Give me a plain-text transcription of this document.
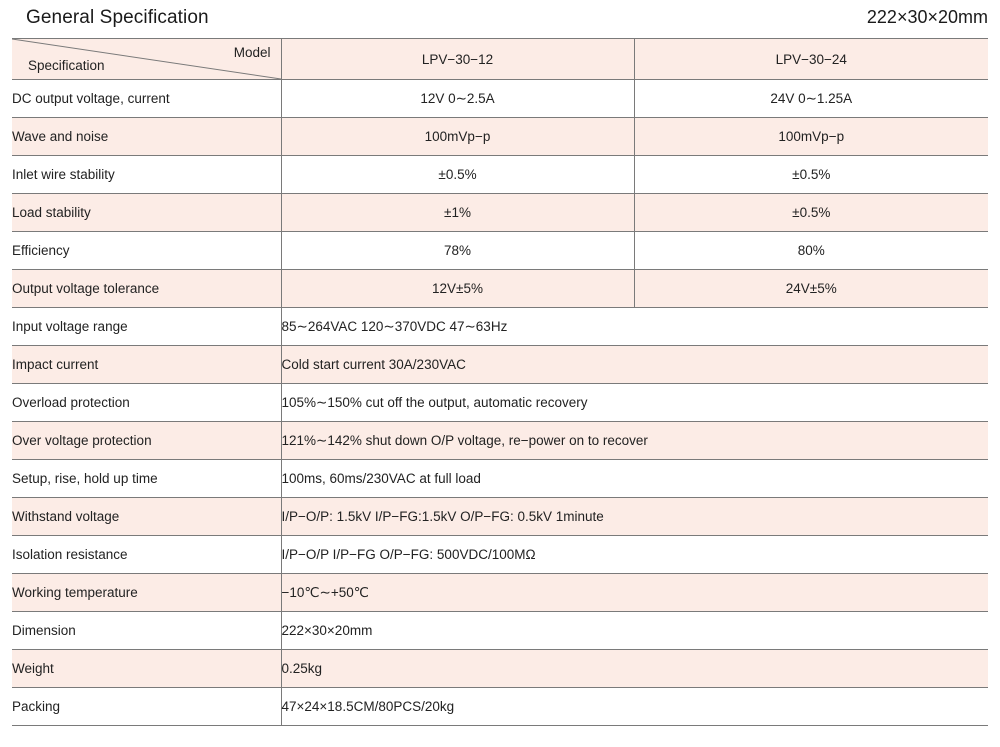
General Specification	222×30×20mm
Model
Specification	LPV−30−12	LPV−30−24
DC output voltage, current	12V 0∼2.5A	24V 0∼1.25A
Wave and noise	100mVp−p	100mVp−p
Inlet wire stability	±0.5%	±0.5%
Load stability	±1%	±0.5%
Efficiency	78%	80%
Output voltage tolerance	12V±5%	24V±5%
Input voltage range	85∼264VAC 120∼370VDC 47∼63Hz	
Impact current	Cold start current 30A/230VAC	
Overload protection	105%∼150% cut off the output, automatic recovery	
Over voltage protection	121%∼142% shut down O/P voltage, re−power on to recover	
Setup, rise, hold up time	100ms, 60ms/230VAC at full load	
Withstand voltage	I/P−O/P: 1.5kV I/P−FG:1.5kV O/P−FG: 0.5kV 1minute	
Isolation resistance	I/P−O/P I/P−FG O/P−FG: 500VDC/100MΩ	
Working temperature	−10℃∼+50℃	
Dimension	222×30×20mm	
Weight	0.25kg	
Packing	47×24×18.5CM/80PCS/20kg	
